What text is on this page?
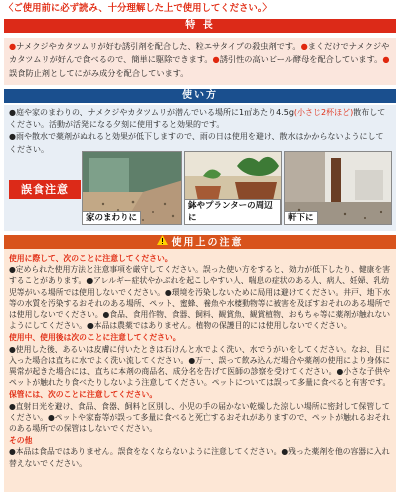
〈ご使用前に必ず読み、十分理解した上で使用してください。〉
特 長
●ナメクジやカタツムリが好む誘引剤を配合した、粒エサタイプの殺虫剤です。●まくだけでナメクジやカタツムリが好んで食べるので、簡単に駆除できます。●誘引性の高いビール酵母を配合しています。●誤食防止剤としてにがみ成分を配合しています。
使い方
●庭や家のまわりの、ナメクジやカタツムリが潜んでいる場所に1㎡あたり4.5g(小さじ2杯ほど)散布してください。活動が活発になる夕刻に使用すると効果的です。
●雨や散水で薬剤がぬれると効果が低下しますので、雨の日は使用を避け、散水はかからないようにしてください。
家のまわりに
鉢やプランターの周辺に	軒下に
誤食注意
使用上の注意
使用に際して、次のことに注意してください。
●定められた使用方法と注意事項を厳守してください。誤った使い方をすると、効力が低下したり、健康を害することがあります。●アレルギー症状やかぶれを起こしやすい人、喘息の症状のある人、病人、妊婦、乳幼児等がいる場所では使用しないでください。●環境を汚染しないために局用は避けてください。井戸、地下水等の水質を汚染するおそれのある場所、ペット、蜜蜂、養魚や水棲動物等に被害を及ぼすおそれのある場所では使用しないでください。●食品、食用作物、食器、飼料、観賞魚、観賞植物、おもちゃ等に薬剤が触れないようにしてください。●本品は農薬ではありません。植物の保護目的には使用しないでください。
使用中、使用後は次のことに注意してください。
●使用した後、あるいは皮膚に付いたときは石けんと水でよく洗い、水でうがいをしてください。なお、目に入った場合は直ちに水でよく洗い流してください。●万一、誤って飲み込んだ場合や薬剤の使用により身体に異常が起きた場合には、直ちに本剤の商品名、成分名を告げて医師の診察を受けてください。●小さな子供やペットが触れたり食べたりしないよう注意してください。ペットについては誤って多量に食べると有害です。
保管には、次のことに注意してください。
●直射日光を避け、食品、食器、飼料と区別し、小児の手の届かない乾燥した涼しい場所に密封して保管してください。●ペットや家畜等が誤って多量に食べると死亡するおそれがありますので、ペットが触れるおそれのある場所での保管はしないでください。
その他
●本品は食品ではありません。誤食をなくならないように注意してください。●残った薬剤を他の容器に入れ替えないでください。
